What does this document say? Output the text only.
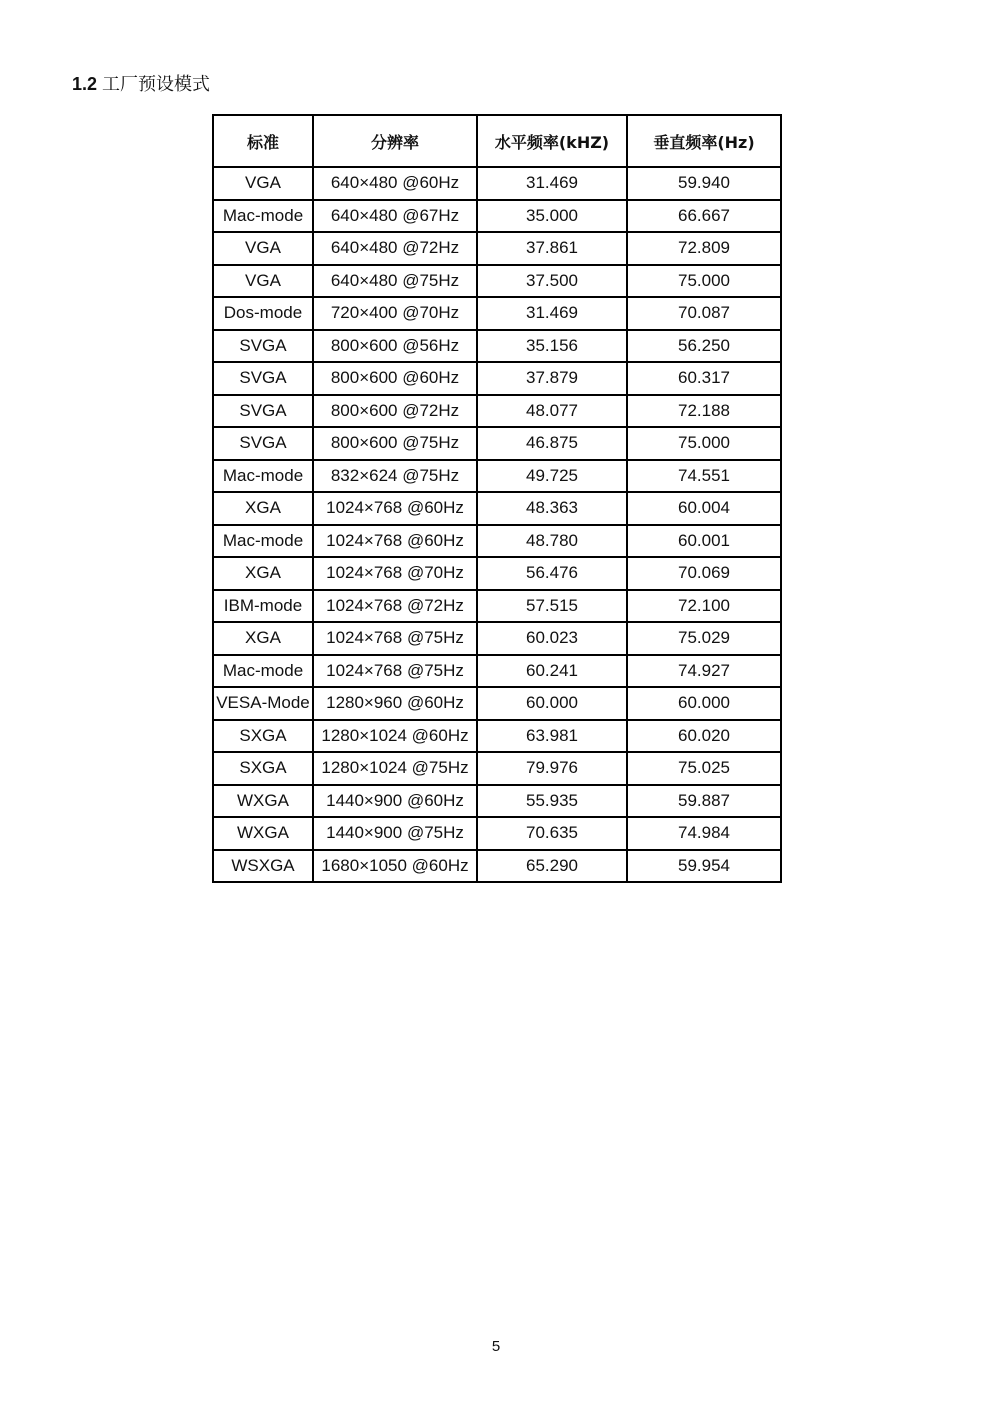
1.2 工厂预设模式
标准	分辨率	水平频率(kHZ)	垂直频率(Hz)
VGA	640×480 @60Hz	31.469	59.940
Mac-mode	640×480 @67Hz	35.000	66.667
VGA	640×480 @72Hz	37.861	72.809
VGA	640×480 @75Hz	37.500	75.000
Dos-mode	720×400 @70Hz	31.469	70.087
SVGA	800×600 @56Hz	35.156	56.250
SVGA	800×600 @60Hz	37.879	60.317
SVGA	800×600 @72Hz	48.077	72.188
SVGA	800×600 @75Hz	46.875	75.000
Mac-mode	832×624 @75Hz	49.725	74.551
XGA	1024×768 @60Hz	48.363	60.004
Mac-mode	1024×768 @60Hz	48.780	60.001
XGA	1024×768 @70Hz	56.476	70.069
IBM-mode	1024×768 @72Hz	57.515	72.100
XGA	1024×768 @75Hz	60.023	75.029
Mac-mode	1024×768 @75Hz	60.241	74.927
VESA-Mode	1280×960 @60Hz	60.000	60.000
SXGA	1280×1024 @60Hz	63.981	60.020
SXGA	1280×1024 @75Hz	79.976	75.025
WXGA	1440×900 @60Hz	55.935	59.887
WXGA	1440×900 @75Hz	70.635	74.984
WSXGA	1680×1050 @60Hz	65.290	59.954
5
